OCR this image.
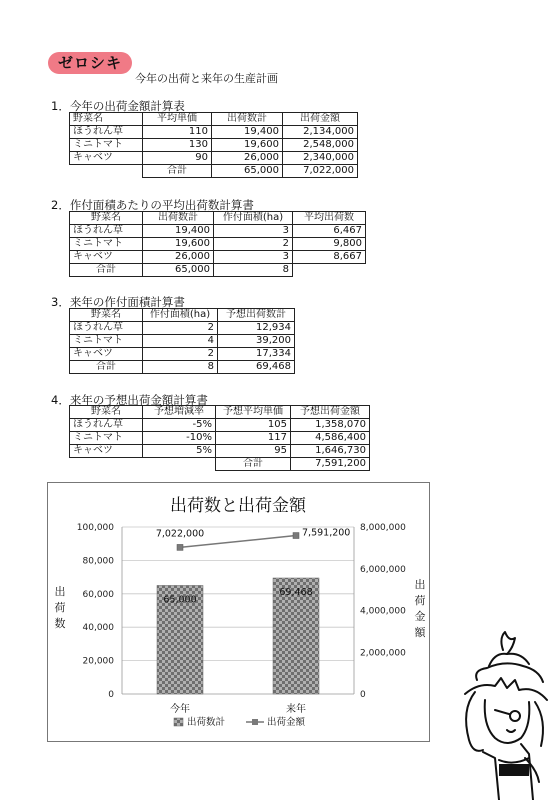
ゼロシキ
今年の出荷と来年の生産計画
1．今年の出荷金額計算表
野菜名	平均単価	出荷数計	出荷金額
ほうれん草	110	19,400	2,134,000
ミニトマト	130	19,600	2,548,000
キャベツ	90	26,000	2,340,000
	合計	65,000	7,022,000
2．作付面積あたりの平均出荷数計算書
野菜名	出荷数計	作付面積(ha)	平均出荷数
ほうれん草	19,400	3	6,467
ミニトマト	19,600	2	9,800
キャベツ	26,000	3	8,667
合計	65,000	8	
3．来年の作付面積計算書
野菜名	作付面積(ha)	予想出荷数計
ほうれん草	2	12,934
ミニトマト	4	39,200
キャベツ	2	17,334
合計	8	69,468
4．来年の予想出荷金額計算書
野菜名	予想増減率	予想平均単価	予想出荷金額
ほうれん草	-5%	105	1,358,070
ミニトマト	-10%	117	4,586,400
キャベツ	5%	95	1,646,730
		合計	7,591,200
出荷数と出荷金額
0
20,000
40,000
60,000
80,000
100,000
0
2,000,000
4,000,000
6,000,000
8,000,000
出
荷
数
出
荷
金
額
65,000
今年
69,468
来年
7,022,000	7,591,200
出荷数計	出荷金額
